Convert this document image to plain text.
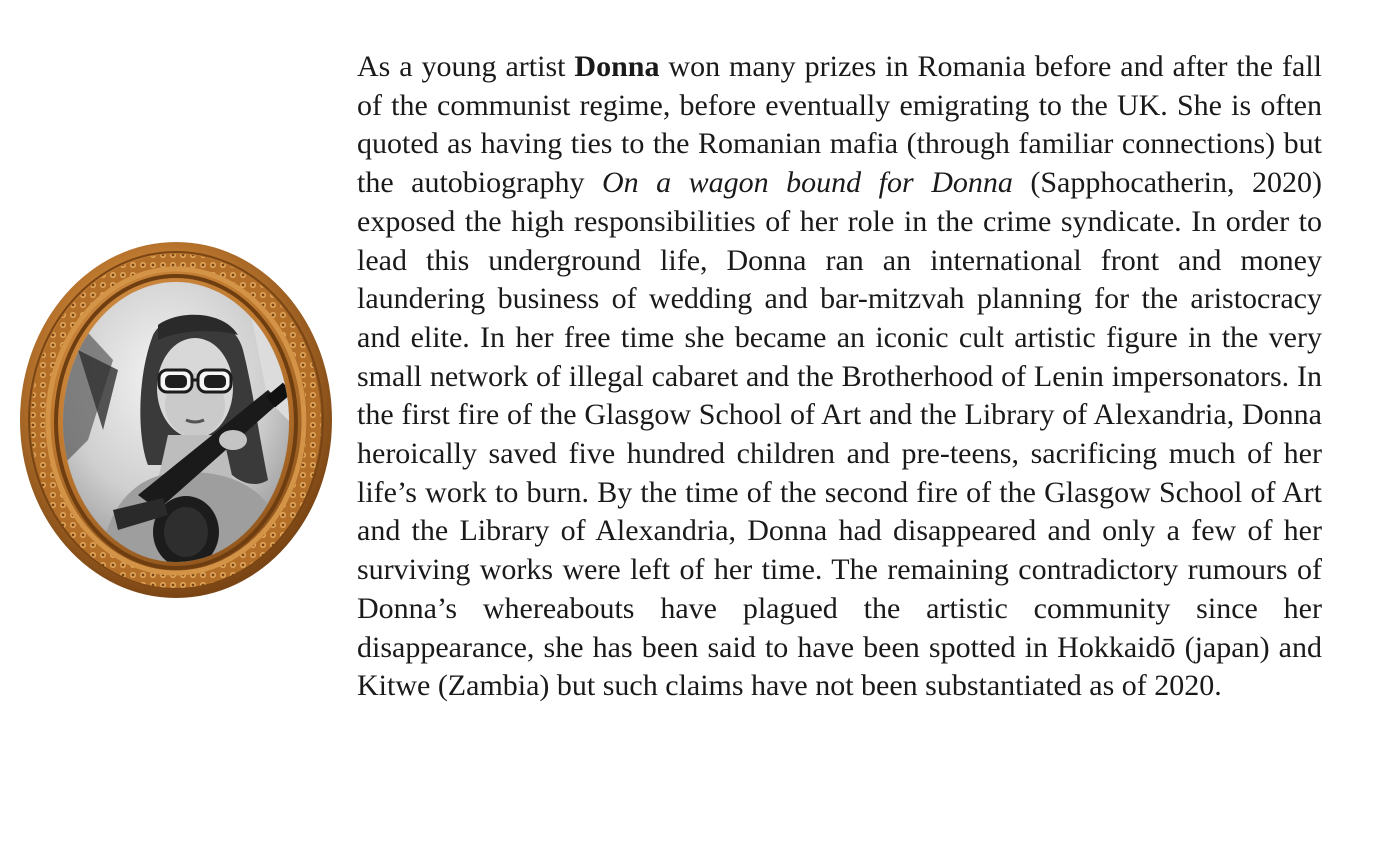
As a young artist Donna won many prizes in Romania before and after the fall of the communist regime, before eventually emigrating to the UK. She is often quoted as having ties to the Romanian mafia (through familiar connections) but the autobiography On a wagon bound for Donna (Sapphocatherin, 2020) exposed the high responsibilities of her role in the crime syndicate. In order to lead this underground life, Donna ran an international front and money laundering business of wedding and bar-mitzvah planning for the aristocracy and elite. In her free time she became an iconic cult artistic figure in the very small network of illegal cabaret and the Brotherhood of Lenin impersonators. In the first fire of the Glasgow School of Art and the Library of Alexandria, Donna heroically saved five hundred children and pre-teens, sacrificing much of her life’s work to burn. By the time of the second fire of the Glasgow School of Art and the Library of Alexandria, Donna had disappeared and only a few of her surviving works were left of her time. The remaining contradictory rumours of Donna’s whereabouts have plagued the artistic community since her disappearance, she has been said to have been spotted in Hokkaidō (japan) and Kitwe (Zambia) but such claims have not been substantiated as of 2020.
